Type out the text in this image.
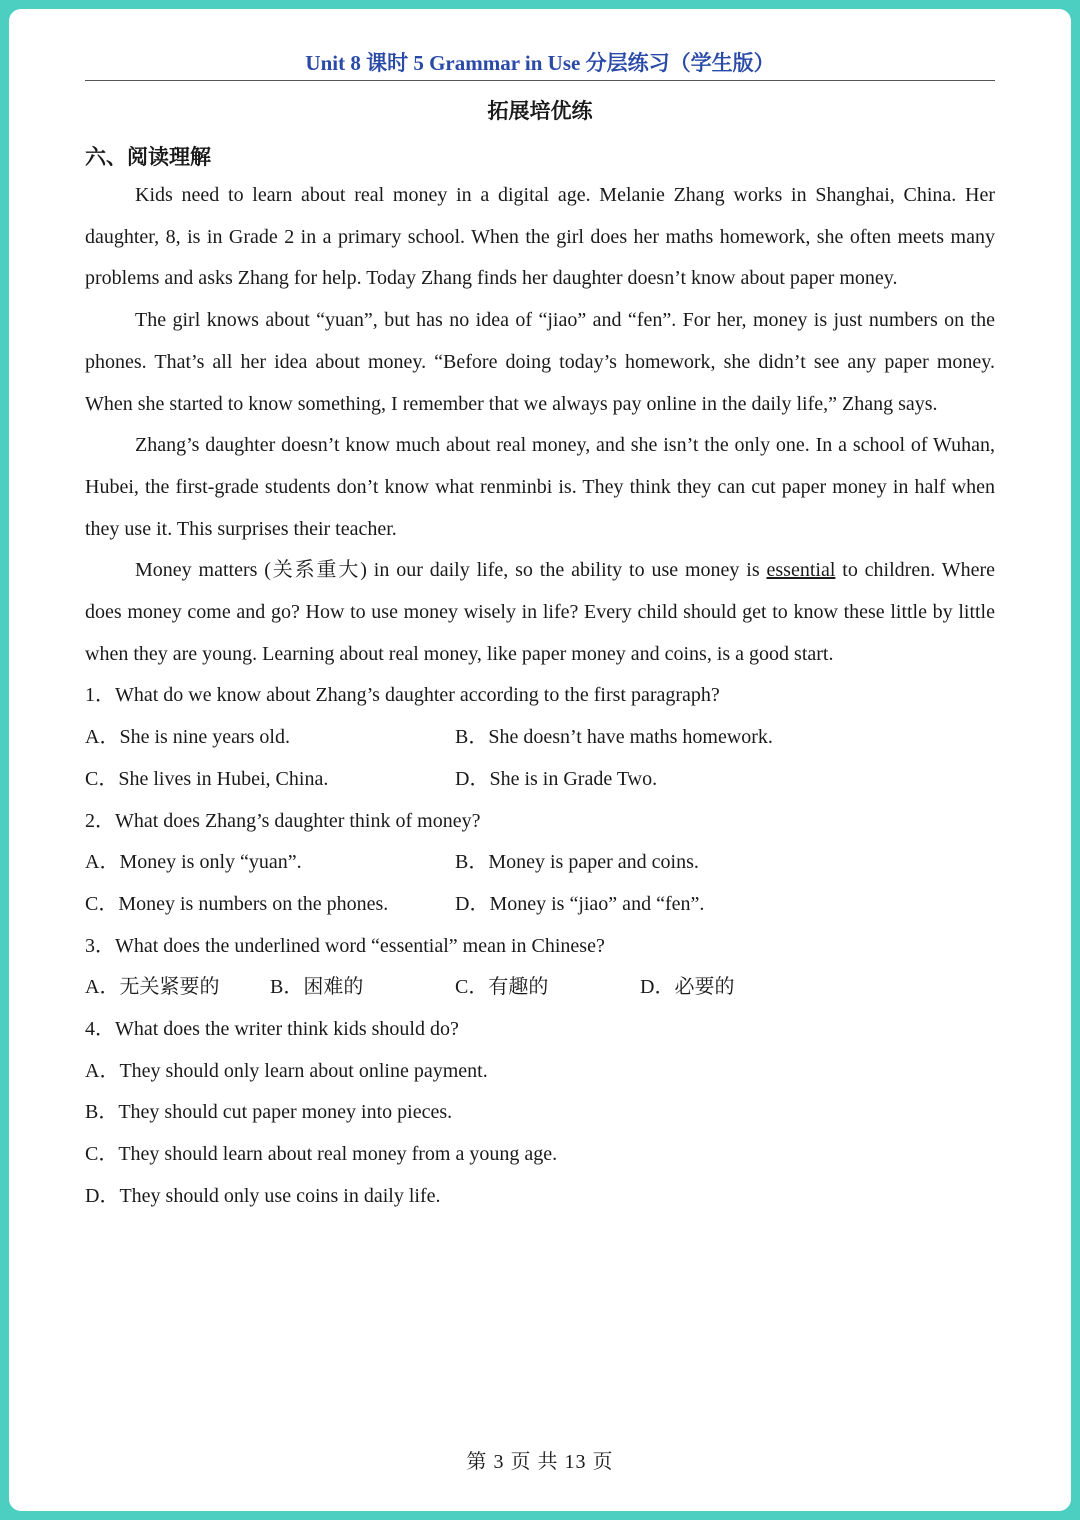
Unit 8 课时 5 Grammar in Use 分层练习（学生版）
拓展培优练
六、阅读理解

Kids need to learn about real money in a digital age. Melanie Zhang works in Shanghai, China. Her daughter, 8, is in Grade 2 in a primary school. When the girl does her maths homework, she often meets many problems and asks Zhang for help. Today Zhang finds her daughter doesn’t know about paper money.

The girl knows about “yuan”, but has no idea of “jiao” and “fen”. For her, money is just numbers on the phones. That’s all her idea about money. “Before doing today’s homework, she didn’t see any paper money. When she started to know something, I remember that we always pay online in the daily life,” Zhang says.

Zhang’s daughter doesn’t know much about real money, and she isn’t the only one. In a school of Wuhan, Hubei, the first-grade students don’t know what renminbi is. They think they can cut paper money in half when they use it. This surprises their teacher.

Money matters (关系重大) in our daily life, so the ability to use money is essential to children. Where does money come and go? How to use money wisely in life? Every child should get to know these little by little when they are young. Learning about real money, like paper money and coins, is a good start.

1．What do we know about Zhang’s daughter according to the first paragraph?

A．She is nine years old.	B．She doesn’t have maths homework.
C．She lives in Hubei, China.	D．She is in Grade Two.

2．What does Zhang’s daughter think of money?

A．Money is only “yuan”.	B．Money is paper and coins.
C．Money is numbers on the phones.	D．Money is “jiao” and “fen”.

3．What does the underlined word “essential” mean in Chinese?

A．无关紧要的	B．困难的	C．有趣的	D．必要的

4．What does the writer think kids should do?

A．They should only learn about online payment.

B．They should cut paper money into pieces.

C．They should learn about real money from a young age.

D．They should only use coins in daily life.

第 3 页 共 13 页
